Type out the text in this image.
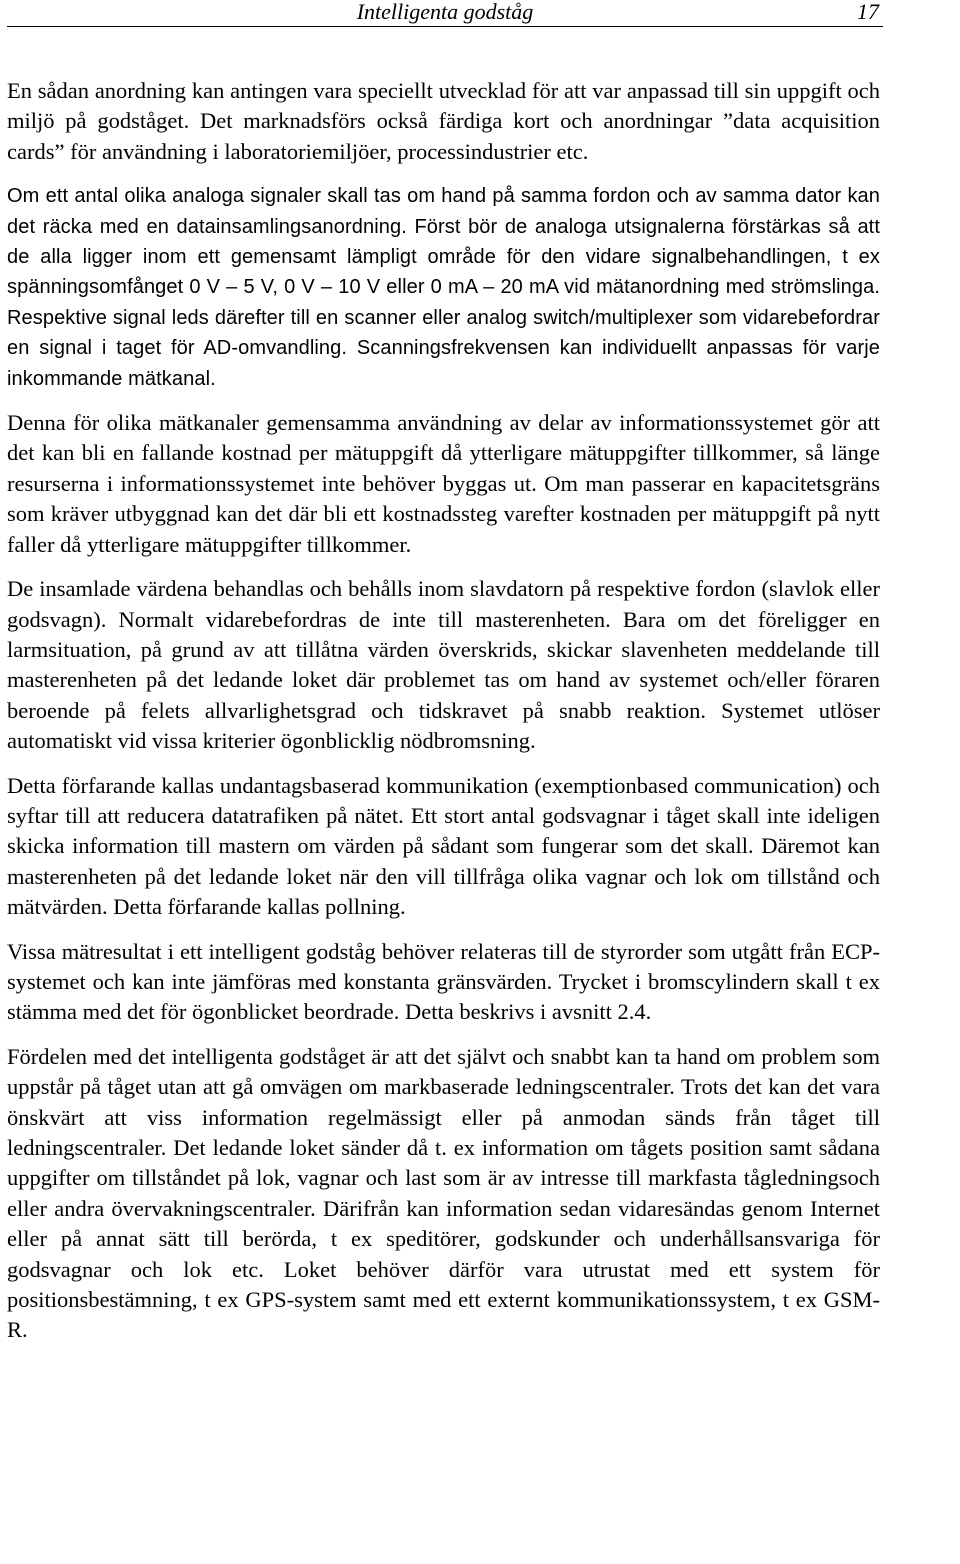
Intelligenta godståg	17

En sådan anordning kan antingen vara speciellt utvecklad för att var anpassad till sin uppgift och miljö på godståget. Det marknadsförs också färdiga kort och anordningar ”data acquisition cards” för användning i laboratoriemiljöer, processindustrier etc.

Om ett antal olika analoga signaler skall tas om hand på samma fordon och av samma dator kan det räcka med en datainsamlingsanordning. Först bör de analoga utsignalerna förstärkas så att de alla ligger inom ett gemensamt lämpligt område för den vidare signalbehandlingen, t ex spänningsomfånget 0 V – 5 V, 0 V – 10 V eller 0 mA – 20 mA vid mätanordning med strömslinga. Respektive signal leds därefter till en scanner eller analog switch/multiplexer som vidarebefordrar en signal i taget för AD-omvandling. Scanningsfrekvensen kan individuellt anpassas för varje inkommande mätkanal.

Denna för olika mätkanaler gemensamma användning av delar av informationssystemet gör att det kan bli en fallande kostnad per mätuppgift då ytterligare mätuppgifter tillkommer, så länge resurserna i informationssystemet inte behöver byggas ut. Om man passerar en kapacitetsgräns som kräver utbyggnad kan det där bli ett kostnadssteg varefter kostnaden per mätuppgift på nytt faller då ytterligare mätuppgifter tillkommer.

De insamlade värdena behandlas och behålls inom slavdatorn på respektive fordon (slavlok eller godsvagn). Normalt vidarebefordras de inte till masterenheten. Bara om det föreligger en larmsituation, på grund av att tillåtna värden överskrids, skickar slavenheten meddelande till masterenheten på det ledande loket där problemet tas om hand av systemet och/eller föraren beroende på felets allvarlighetsgrad och tidskravet på snabb reaktion. Systemet utlöser automatiskt vid vissa kriterier ögonblicklig nödbromsning.

Detta förfarande kallas undantagsbaserad kommunikation (exemptionbased communication) och syftar till att reducera datatrafiken på nätet. Ett stort antal godsvagnar i tåget skall inte ideligen skicka information till mastern om värden på sådant som fungerar som det skall. Däremot kan masterenheten på det ledande loket när den vill tillfråga olika vagnar och lok om tillstånd och mätvärden. Detta förfarande kallas pollning.

Vissa mätresultat i ett intelligent godståg behöver relateras till de styrorder som utgått från ECP-systemet och kan inte jämföras med konstanta gränsvärden. Trycket i bromscylindern skall t ex stämma med det för ögonblicket beordrade. Detta beskrivs i avsnitt 2.4.

Fördelen med det intelligenta godståget är att det självt och snabbt kan ta hand om problem som uppstår på tåget utan att gå omvägen om markbaserade ledningscentraler. Trots det kan det vara önskvärt att viss information regelmässigt eller på anmodan sänds från tåget till ledningscentraler. Det ledande loket sänder då t. ex information om tågets position samt sådana uppgifter om tillståndet på lok, vagnar och last som är av intresse till markfasta tågledningsoch eller andra övervakningscentraler. Därifrån kan information sedan vidaresändas genom Internet eller på annat sätt till berörda, t ex speditörer, godskunder och underhållsansvariga för godsvagnar och lok etc. Loket behöver därför vara utrustat med ett system för positionsbestämning, t ex GPS-system samt med ett externt kommunikationssystem, t ex GSM-R.
